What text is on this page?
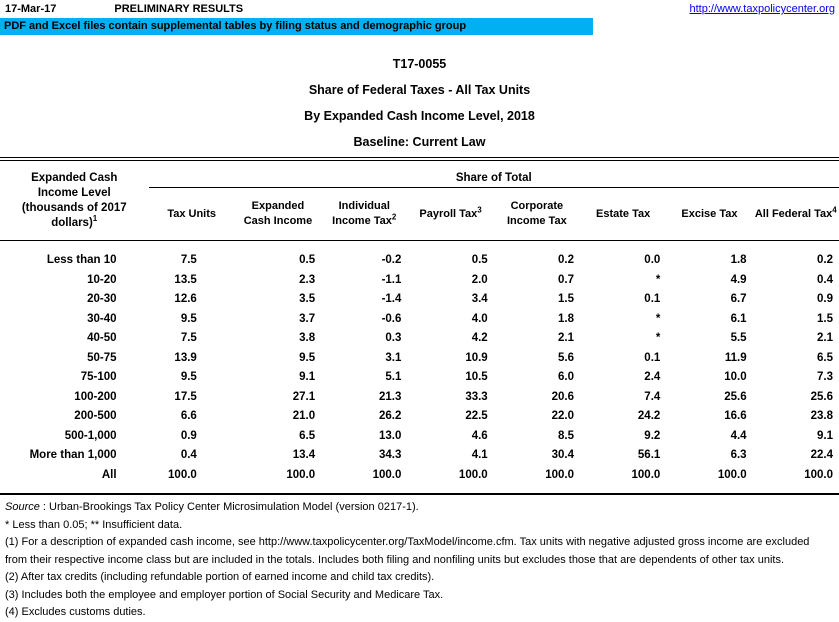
17-Mar-17	PRELIMINARY RESULTS	http://www.taxpolicycenter.org
PDF and Excel files contain supplemental tables by filing status and demographic group
T17-0055
Share of Federal Taxes - All Tax Units
By Expanded Cash Income Level, 2018
Baseline: Current Law
Expanded Cash Income Level (thousands of 2017 dollars)$^1$	Share of Total							
	Tax Units	Expanded Cash Income	Individual Income Tax$^2$	Payroll Tax$^3$	Corporate Income Tax	Estate Tax	Excise Tax	All Federal Tax$^4$
Less than 10	7.5	0.5	-0.2	0.5	0.2	0.0	1.8	0.2
10-20	13.5	2.3	-1.1	2.0	0.7	*	4.9	0.4
20-30	12.6	3.5	-1.4	3.4	1.5	0.1	6.7	0.9
30-40	9.5	3.7	-0.6	4.0	1.8	*	6.1	1.5
40-50	7.5	3.8	0.3	4.2	2.1	*	5.5	2.1
50-75	13.9	9.5	3.1	10.9	5.6	0.1	11.9	6.5
75-100	9.5	9.1	5.1	10.5	6.0	2.4	10.0	7.3
100-200	17.5	27.1	21.3	33.3	20.6	7.4	25.6	25.6
200-500	6.6	21.0	26.2	22.5	22.0	24.2	16.6	23.8
500-1,000	0.9	6.5	13.0	4.6	8.5	9.2	4.4	9.1
More than 1,000	0.4	13.4	34.3	4.1	30.4	56.1	6.3	22.4
All	100.0	100.0	100.0	100.0	100.0	100.0	100.0	100.0
Source : Urban-Brookings Tax Policy Center Microsimulation Model (version 0217-1).
* Less than 0.05; ** Insufficient data.
(1) For a description of expanded cash income, see http://www.taxpolicycenter.org/TaxModel/income.cfm. Tax units with negative adjusted gross income are excluded from their respective income class but are included in the totals. Includes both filing and nonfiling units but excludes those that are dependents of other tax units.
(2) After tax credits (including refundable portion of earned income and child tax credits).
(3) Includes both the employee and employer portion of Social Security and Medicare Tax.
(4) Excludes customs duties.
